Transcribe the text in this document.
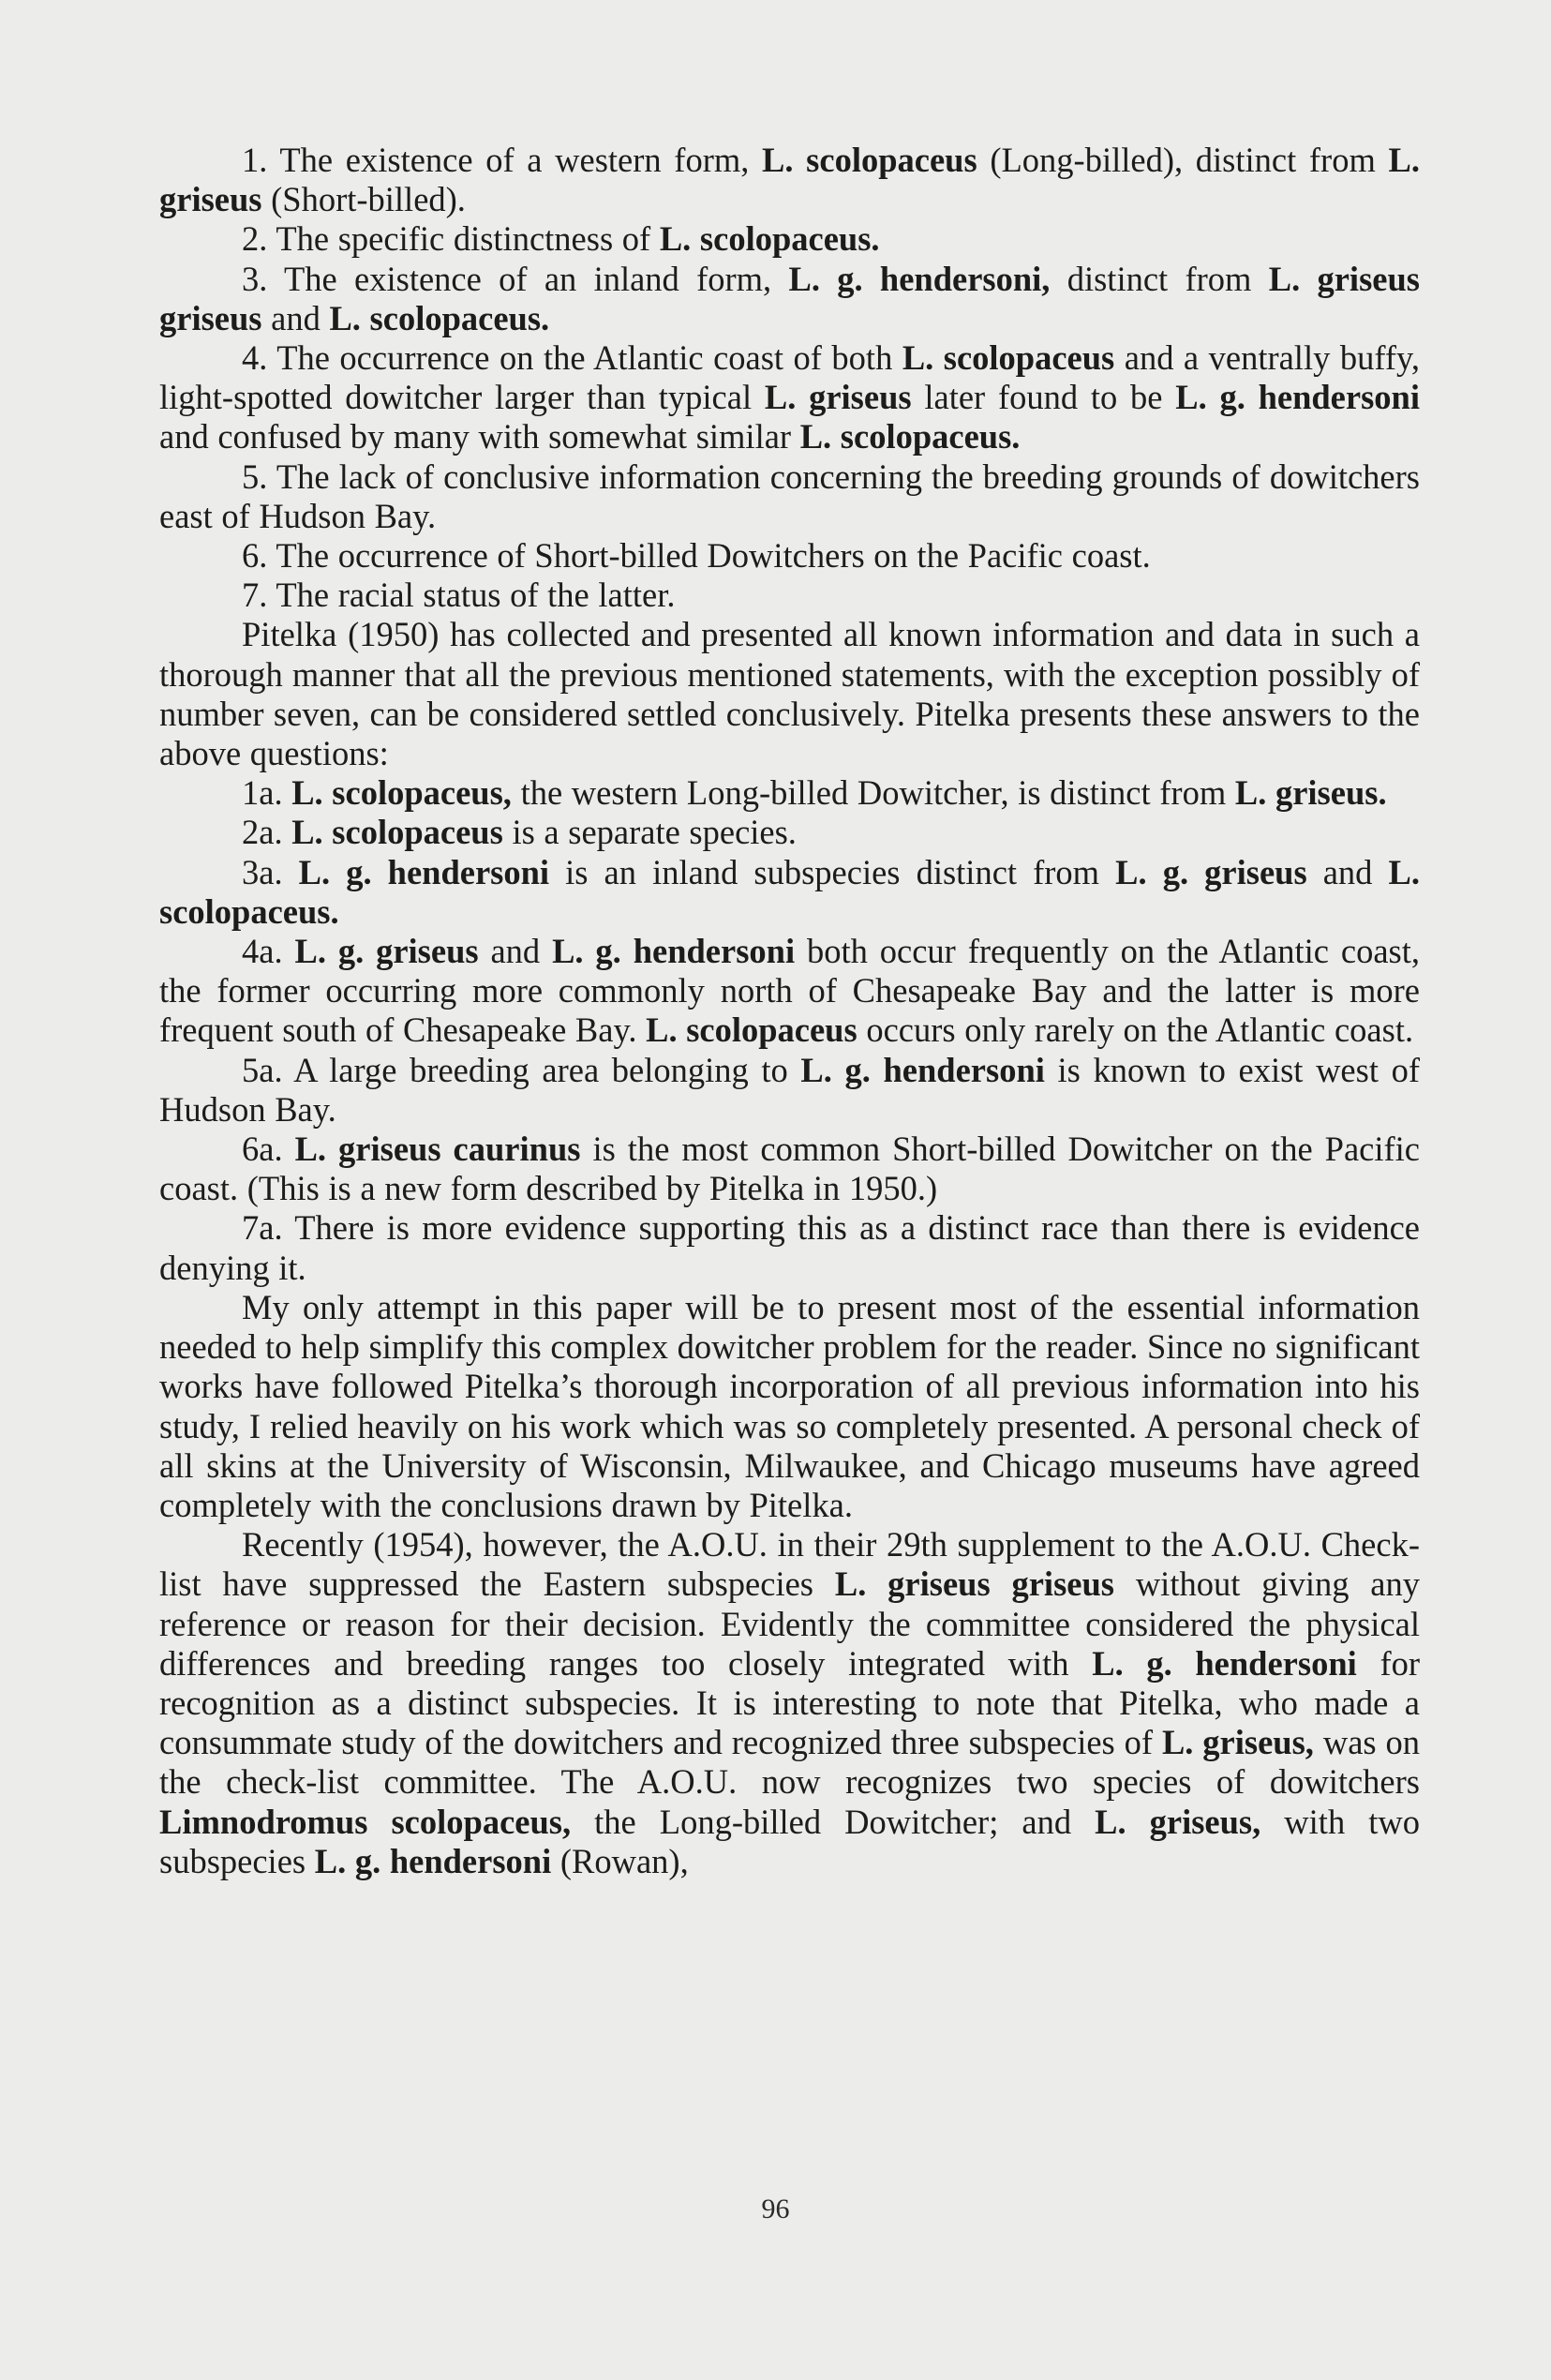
1. The existence of a western form, L. scolopaceus (Long-billed), distinct from L. griseus (Short-billed).

2. The specific distinctness of L. scolopaceus.

3. The existence of an inland form, L. g. hendersoni, distinct from L. griseus griseus and L. scolopaceus.

4. The occurrence on the Atlantic coast of both L. scolopaceus and a ventrally buffy, light-spotted dowitcher larger than typical L. griseus later found to be L. g. hendersoni and confused by many with somewhat similar L. scolopaceus.

5. The lack of conclusive information concerning the breeding grounds of dowitchers east of Hudson Bay.

6. The occurrence of Short-billed Dowitchers on the Pacific coast.

7. The racial status of the latter.

Pitelka (1950) has collected and presented all known information and data in such a thorough manner that all the previous mentioned statements, with the exception possibly of number seven, can be considered settled conclusively. Pitelka presents these answers to the above questions:

1a. L. scolopaceus, the western Long-billed Dowitcher, is distinct from L. griseus.

2a. L. scolopaceus is a separate species.

3a. L. g. hendersoni is an inland subspecies distinct from L. g. griseus and L. scolopaceus.

4a. L. g. griseus and L. g. hendersoni both occur frequently on the Atlantic coast, the former occurring more commonly north of Chesapeake Bay and the latter is more frequent south of Chesapeake Bay. L. scolopaceus occurs only rarely on the Atlantic coast.

5a. A large breeding area belonging to L. g. hendersoni is known to exist west of Hudson Bay.

6a. L. griseus caurinus is the most common Short-billed Dowitcher on the Pacific coast. (This is a new form described by Pitelka in 1950.)

7a. There is more evidence supporting this as a distinct race than there is evidence denying it.

My only attempt in this paper will be to present most of the essential information needed to help simplify this complex dowitcher problem for the reader. Since no significant works have followed Pitelka’s thorough incorporation of all previous information into his study, I relied heavily on his work which was so completely presented. A personal check of all skins at the University of Wisconsin, Milwaukee, and Chicago museums have agreed completely with the conclusions drawn by Pitelka.

Recently (1954), however, the A.O.U. in their 29th supplement to the A.O.U. Check-list have suppressed the Eastern subspecies L. griseus griseus without giving any reference or reason for their decision. Evidently the committee considered the physical differences and breeding ranges too closely integrated with L. g. hendersoni for recognition as a distinct subspecies. It is interesting to note that Pitelka, who made a consummate study of the dowitchers and recognized three subspecies of L. griseus, was on the check-list committee. The A.O.U. now recognizes two species of dowitchers Limnodromus scolopaceus, the Long-billed Dowitcher; and L. griseus, with two subspecies L. g. hendersoni (Rowan),

96
